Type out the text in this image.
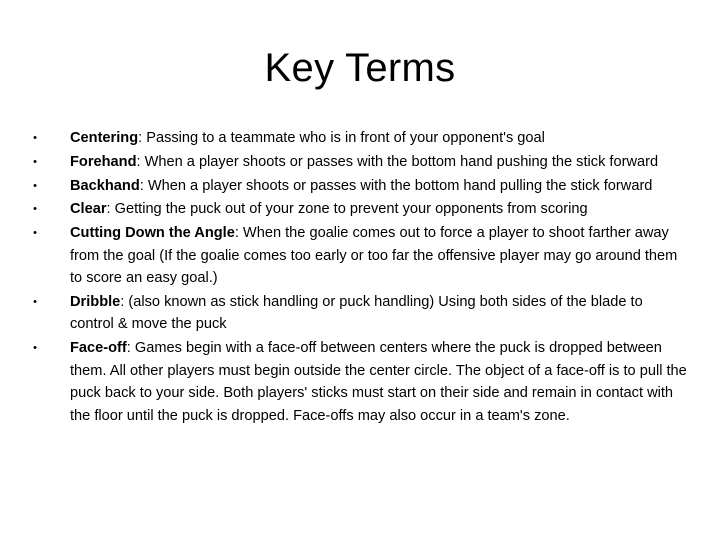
Key Terms
• Centering: Passing to a teammate who is in front of your opponent's goal
• Forehand: When a player shoots or passes with the bottom hand pushing the stick forward
• Backhand: When a player shoots or passes with the bottom hand pulling the stick forward
• Clear: Getting the puck out of your zone to prevent your opponents from scoring
• Cutting Down the Angle: When the goalie comes out to force a player to shoot farther away from the goal (If the goalie comes too early or too far the offensive player may go around them to score an easy goal.)
• Dribble: (also known as stick handling or puck handling) Using both sides of the blade to control & move the puck
• Face-off: Games begin with a face-off between centers where the puck is dropped between them. All other players must begin outside the center circle. The object of a face-off is to pull the puck back to your side. Both players' sticks must start on their side and remain in contact with the floor until the puck is dropped. Face-offs may also occur in a team's zone.
